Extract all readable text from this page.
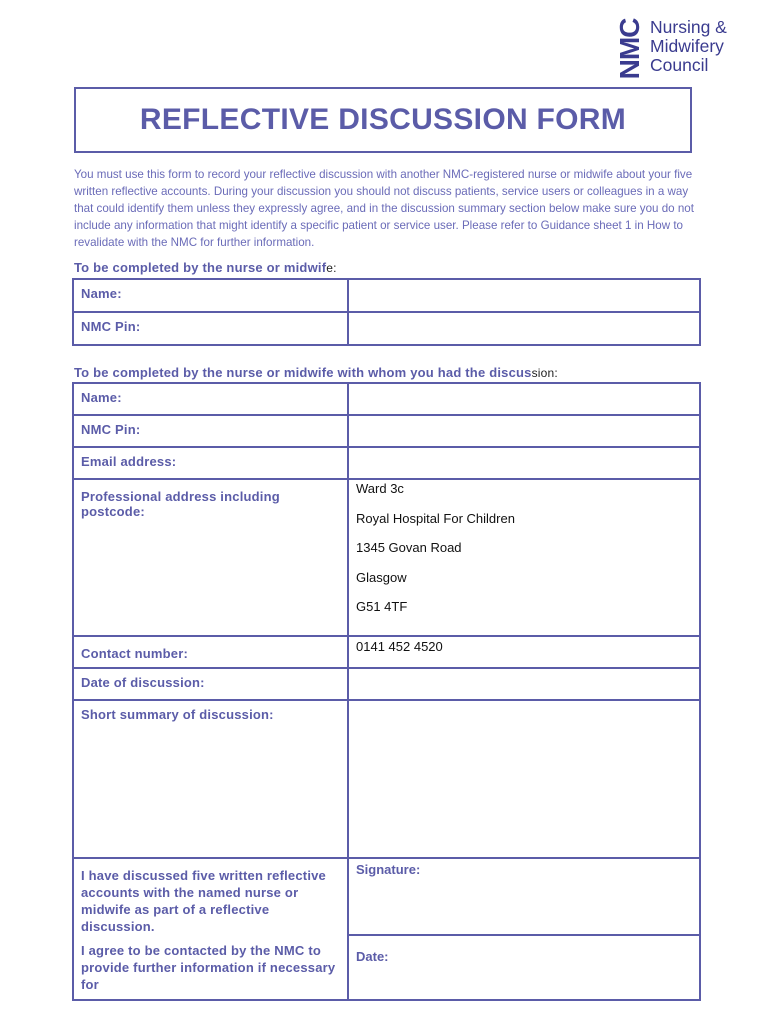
NMC Nursing &
Midwifery
Council
REFLECTIVE DISCUSSION FORM
You must use this form to record your reflective discussion with another NMC-registered nurse or midwife about your five written reflective accounts. During your discussion you should not discuss patients, service users or colleagues in a way that could identify them unless they expressly agree, and in the discussion summary section below make sure you do not include any information that might identify a specific patient or service user. Please refer to Guidance sheet 1 in How to revalidate with the NMC for further information.
To be completed by the nurse or midwife:
Name:	
NMC Pin:	
To be completed by the nurse or midwife with whom you had the discussion:
Name:	
NMC Pin:	
Email address:	
Professional address including postcode:	Ward 3c
Royal Hospital For Children
1345 Govan Road
Glasgow
G51 4TF

Contact number:	0141 452 4520
Date of discussion:	
Short summary of discussion:	

I have discussed five written reflective accounts with the named nurse or midwife as part of a reflective discussion.
I agree to be contacted by the NMC to provide further information if necessary for	Signature:
	Date:
